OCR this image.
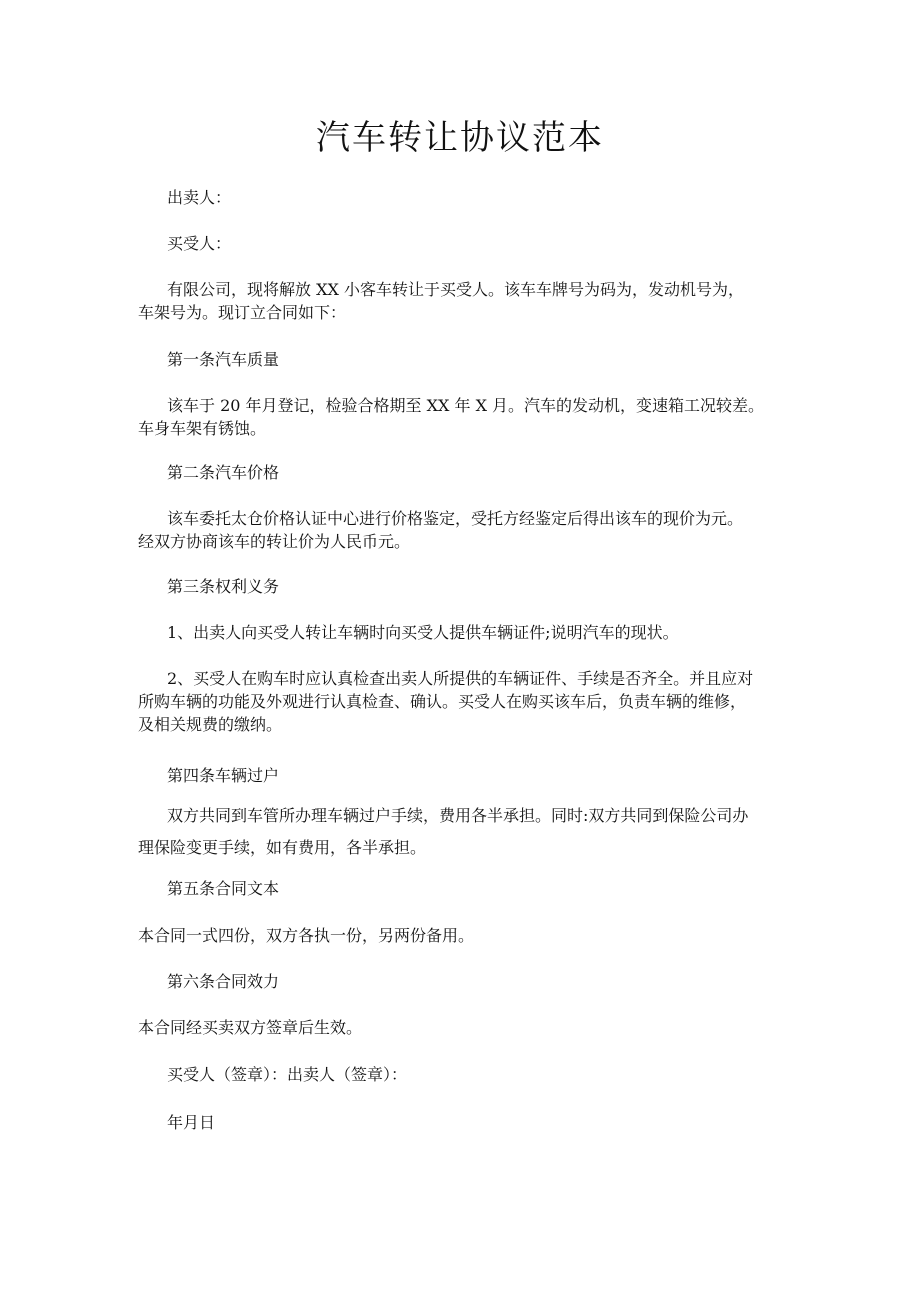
汽车转让协议范本

出卖人：

买受人：

有限公司，现将解放 XX 小客车转让于买受人。该车车牌号为码为，发动机号为，
车架号为。现订立合同如下：

第一条汽车质量

该车于 20 年月登记，检验合格期至 XX 年 X 月。汽车的发动机，变速箱工况较差。
车身车架有锈蚀。

第二条汽车价格

该车委托太仓价格认证中心进行价格鉴定，受托方经鉴定后得出该车的现价为元。
经双方协商该车的转让价为人民币元。

第三条权利义务

1、出卖人向买受人转让车辆时向买受人提供车辆证件;说明汽车的现状。

2、买受人在购车时应认真检查出卖人所提供的车辆证件、手续是否齐全。并且应对
所购车辆的功能及外观进行认真检查、确认。买受人在购买该车后，负责车辆的维修，
及相关规费的缴纳。

第四条车辆过户

双方共同到车管所办理车辆过户手续，费用各半承担。同时:双方共同到保险公司办
理保险变更手续，如有费用，各半承担。

第五条合同文本

本合同一式四份，双方各执一份，另两份备用。

第六条合同效力

本合同经买卖双方签章后生效。

买受人（签章）：出卖人（签章）：

年月日
